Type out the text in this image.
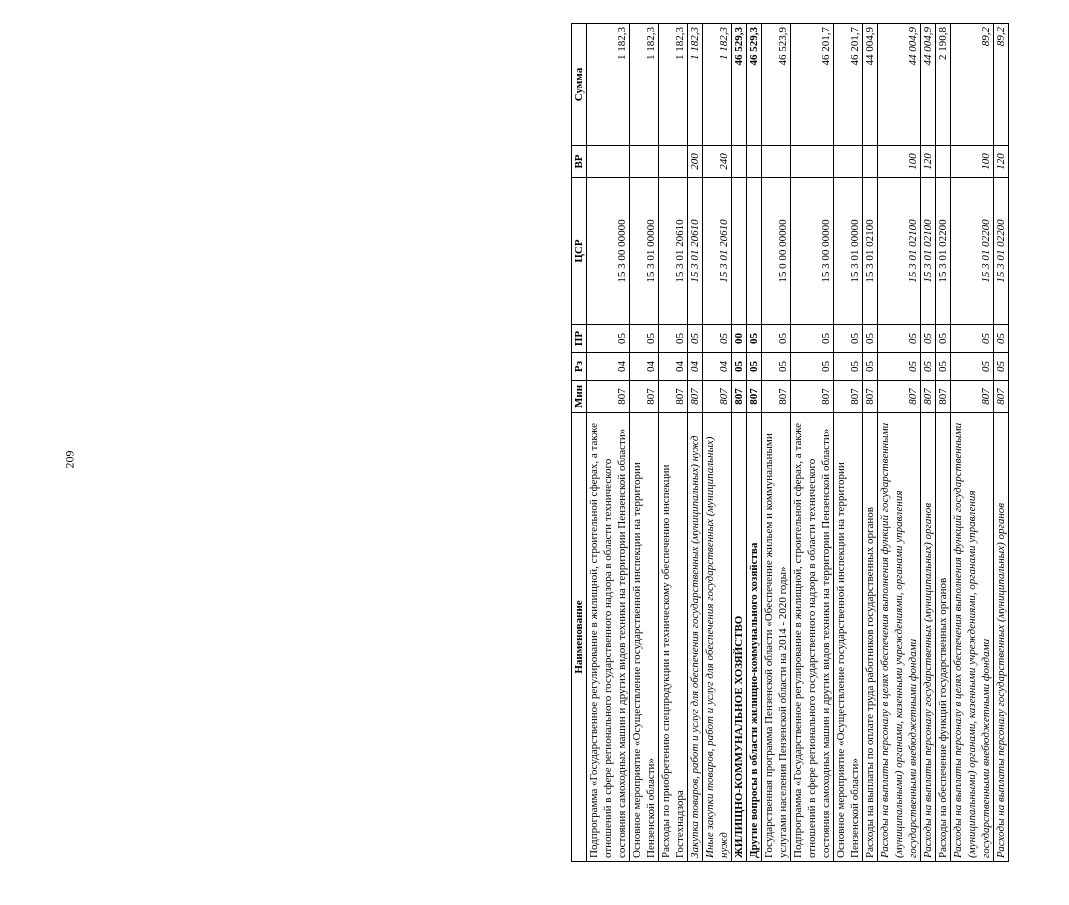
209
Наименование	Мин	Рз	ПР	ЦСР	ВР	Сумма
Подпрограмма «Государственное регулирование в жилищной, строительной сферах, а также отношений в сфере регионального государственного надзора в области технического состояния самоходных машин и других видов техники на территории Пензенской области»	807	04	05	15 3 00 00000		1 182,3
Основное мероприятие «Осуществление государственной инспекции на территории Пензенской области»	807	04	05	15 3 01 00000		1 182,3
Расходы по приобретению спецпродукции и техническому обеспечению инспекции Гостехнадзора	807	04	05	15 3 01 20610		1 182,3
Закупка товаров, работ и услуг для обеспечения государственных (муниципальных) нужд	807	04	05	15 3 01 20610	200	1 182,3
Иные закупки товаров, работ и услуг для обеспечения государственных (муниципальных) нужд	807	04	05	15 3 01 20610	240	1 182,3
ЖИЛИЩНО-КОММУНАЛЬНОЕ ХОЗЯЙСТВО	807	05	00			46 529,3
Другие вопросы в области жилищно-коммунального хозяйства	807	05	05			46 529,3
Государственная программа Пензенской области «Обеспечение жильем и коммунальными услугами населения Пензенской области на 2014 - 2020 годы»	807	05	05	15 0 00 00000		46 523,9
Подпрограмма «Государственное регулирование в жилищной, строительной сферах, а также отношений в сфере регионального государственного надзора в области технического состояния самоходных машин и других видов техники на территории Пензенской области»	807	05	05	15 3 00 00000		46 201,7
Основное мероприятие «Осуществление государственной инспекции на территории Пензенской области»	807	05	05	15 3 01 00000		46 201,7
Расходы на выплаты по оплате труда работников государственных органов	807	05	05	15 3 01 02100		44 004,9
Расходы на выплаты персоналу в целях обеспечения выполнения функций государственными (муниципальными) органами, казенными учреждениями, органами управления государственными внебюджетными фондами	807	05	05	15 3 01 02100	100	44 004,9
Расходы на выплаты персоналу государственных (муниципальных) органов	807	05	05	15 3 01 02100	120	44 004,9
Расходы на обеспечение функций государственных органов	807	05	05	15 3 01 02200		2 190,8
Расходы на выплаты персоналу в целях обеспечения выполнения функций государственными (муниципальными) органами, казенными учреждениями, органами управления государственными внебюджетными фондами	807	05	05	15 3 01 02200	100	89,2
Расходы на выплаты персоналу государственных (муниципальных) органов	807	05	05	15 3 01 02200	120	89,2
